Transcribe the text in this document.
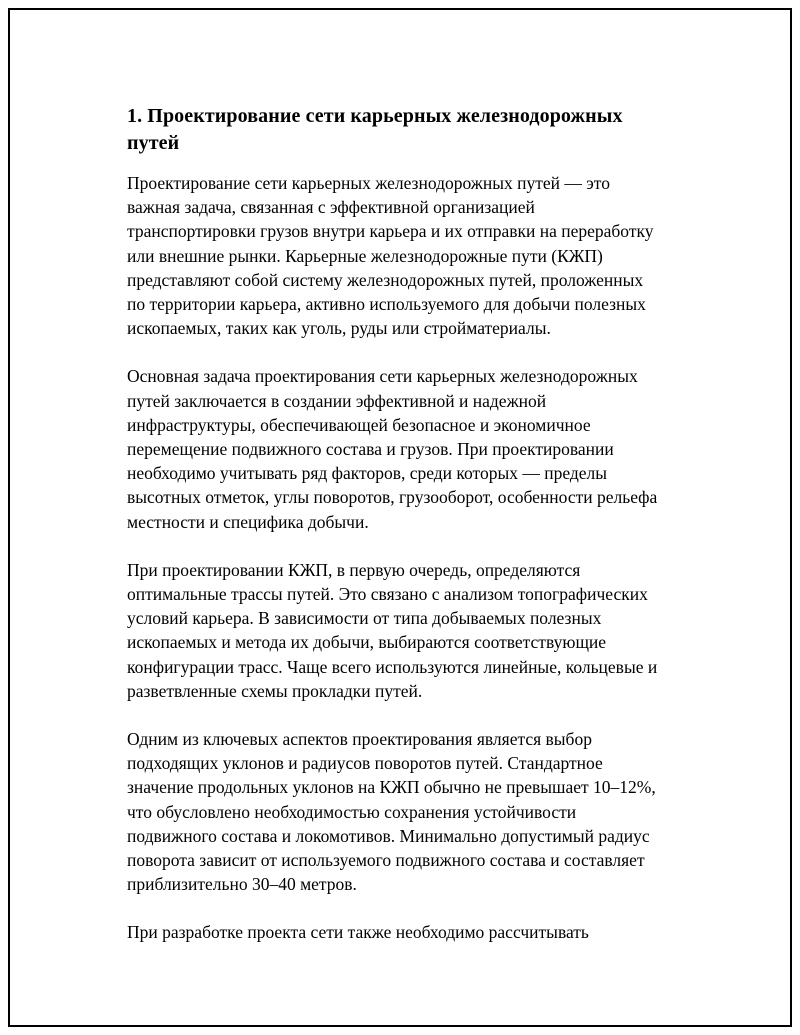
1. Проектирование сети карьерных железнодорожных
путей

Проектирование сети карьерных железнодорожных путей — это
важная задача, связанная с эффективной организацией
транспортировки грузов внутри карьера и их отправки на переработку
или внешние рынки. Карьерные железнодорожные пути (КЖП)
представляют собой систему железнодорожных путей, проложенных
по территории карьера, активно используемого для добычи полезных
ископаемых, таких как уголь, руды или стройматериалы.

Основная задача проектирования сети карьерных железнодорожных
путей заключается в создании эффективной и надежной
инфраструктуры, обеспечивающей безопасное и экономичное
перемещение подвижного состава и грузов. При проектировании
необходимо учитывать ряд факторов, среди которых — пределы
высотных отметок, углы поворотов, грузооборот, особенности рельефа
местности и специфика добычи.

При проектировании КЖП, в первую очередь, определяются
оптимальные трассы путей. Это связано с анализом топографических
условий карьера. В зависимости от типа добываемых полезных
ископаемых и метода их добычи, выбираются соответствующие
конфигурации трасс. Чаще всего используются линейные, кольцевые и
разветвленные схемы прокладки путей.

Одним из ключевых аспектов проектирования является выбор
подходящих уклонов и радиусов поворотов путей. Стандартное
значение продольных уклонов на КЖП обычно не превышает 10–12%,
что обусловлено необходимостью сохранения устойчивости
подвижного состава и локомотивов. Минимально допустимый радиус
поворота зависит от используемого подвижного состава и составляет
приблизительно 30–40 метров.

При разработке проекта сети также необходимо рассчитывать
